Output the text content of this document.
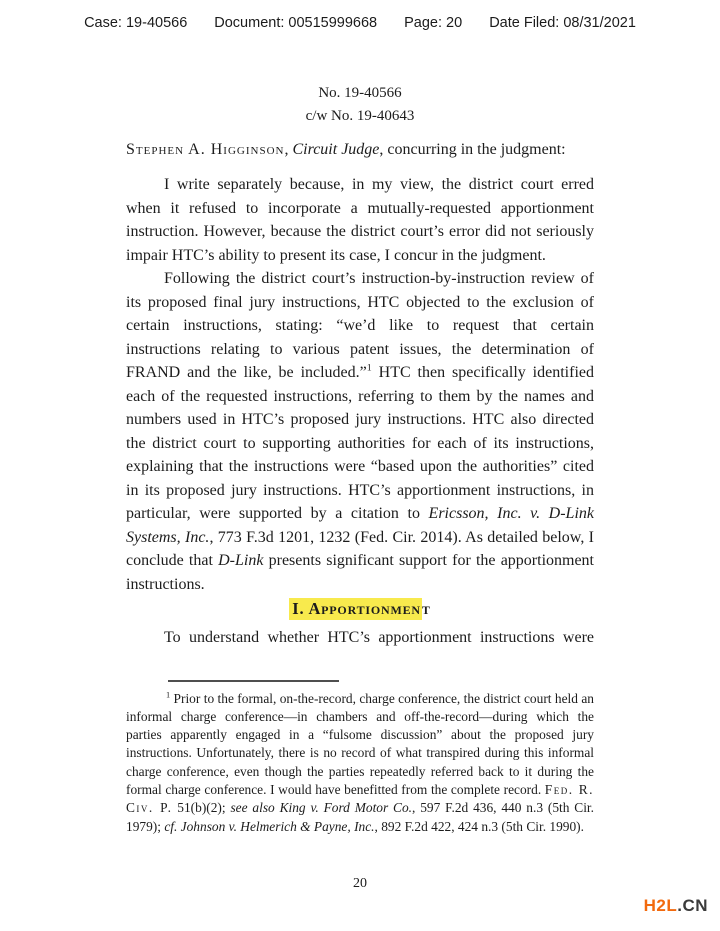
Case: 19-40566 Document: 00515999668 Page: 20 Date Filed: 08/31/2021
No. 19-40566
c/w No. 19-40643

Stephen A. Higginson, Circuit Judge, concurring in the judgment:

I write separately because, in my view, the district court erred when it refused to incorporate a mutually-requested apportionment instruction. However, because the district court’s error did not seriously impair HTC’s ability to present its case, I concur in the judgment.

Following the district court’s instruction-by-instruction review of its proposed final jury instructions, HTC objected to the exclusion of certain instructions, stating: “we’d like to request that certain instructions relating to various patent issues, the determination of FRAND and the like, be included.”$^1$ HTC then specifically identified each of the requested instructions, referring to them by the names and numbers used in HTC’s proposed jury instructions. HTC also directed the district court to supporting authorities for each of its instructions, explaining that the instructions were “based upon the authorities” cited in its proposed jury instructions. HTC’s apportionment instructions, in particular, were supported by a citation to Ericsson, Inc. v. D-Link Systems, Inc., 773 F.3d 1201, 1232 (Fed. Cir. 2014). As detailed below, I conclude that D-Link presents significant support for the apportionment instructions.

I. Apportionment

To understand whether HTC’s apportionment instructions were

$^1$ Prior to the formal, on-the-record, charge conference, the district court held an informal charge conference—in chambers and off-the-record—during which the parties apparently engaged in a “fulsome discussion” about the proposed jury instructions. Unfortunately, there is no record of what transpired during this informal charge conference, even though the parties repeatedly referred back to it during the formal charge conference. I would have benefitted from the complete record. Fed. R. Civ. P. 51(b)(2); see also King v. Ford Motor Co., 597 F.2d 436, 440 n.3 (5th Cir. 1979); cf. Johnson v. Helmerich & Payne, Inc., 892 F.2d 422, 424 n.3 (5th Cir. 1990).

20
H2L.CN
